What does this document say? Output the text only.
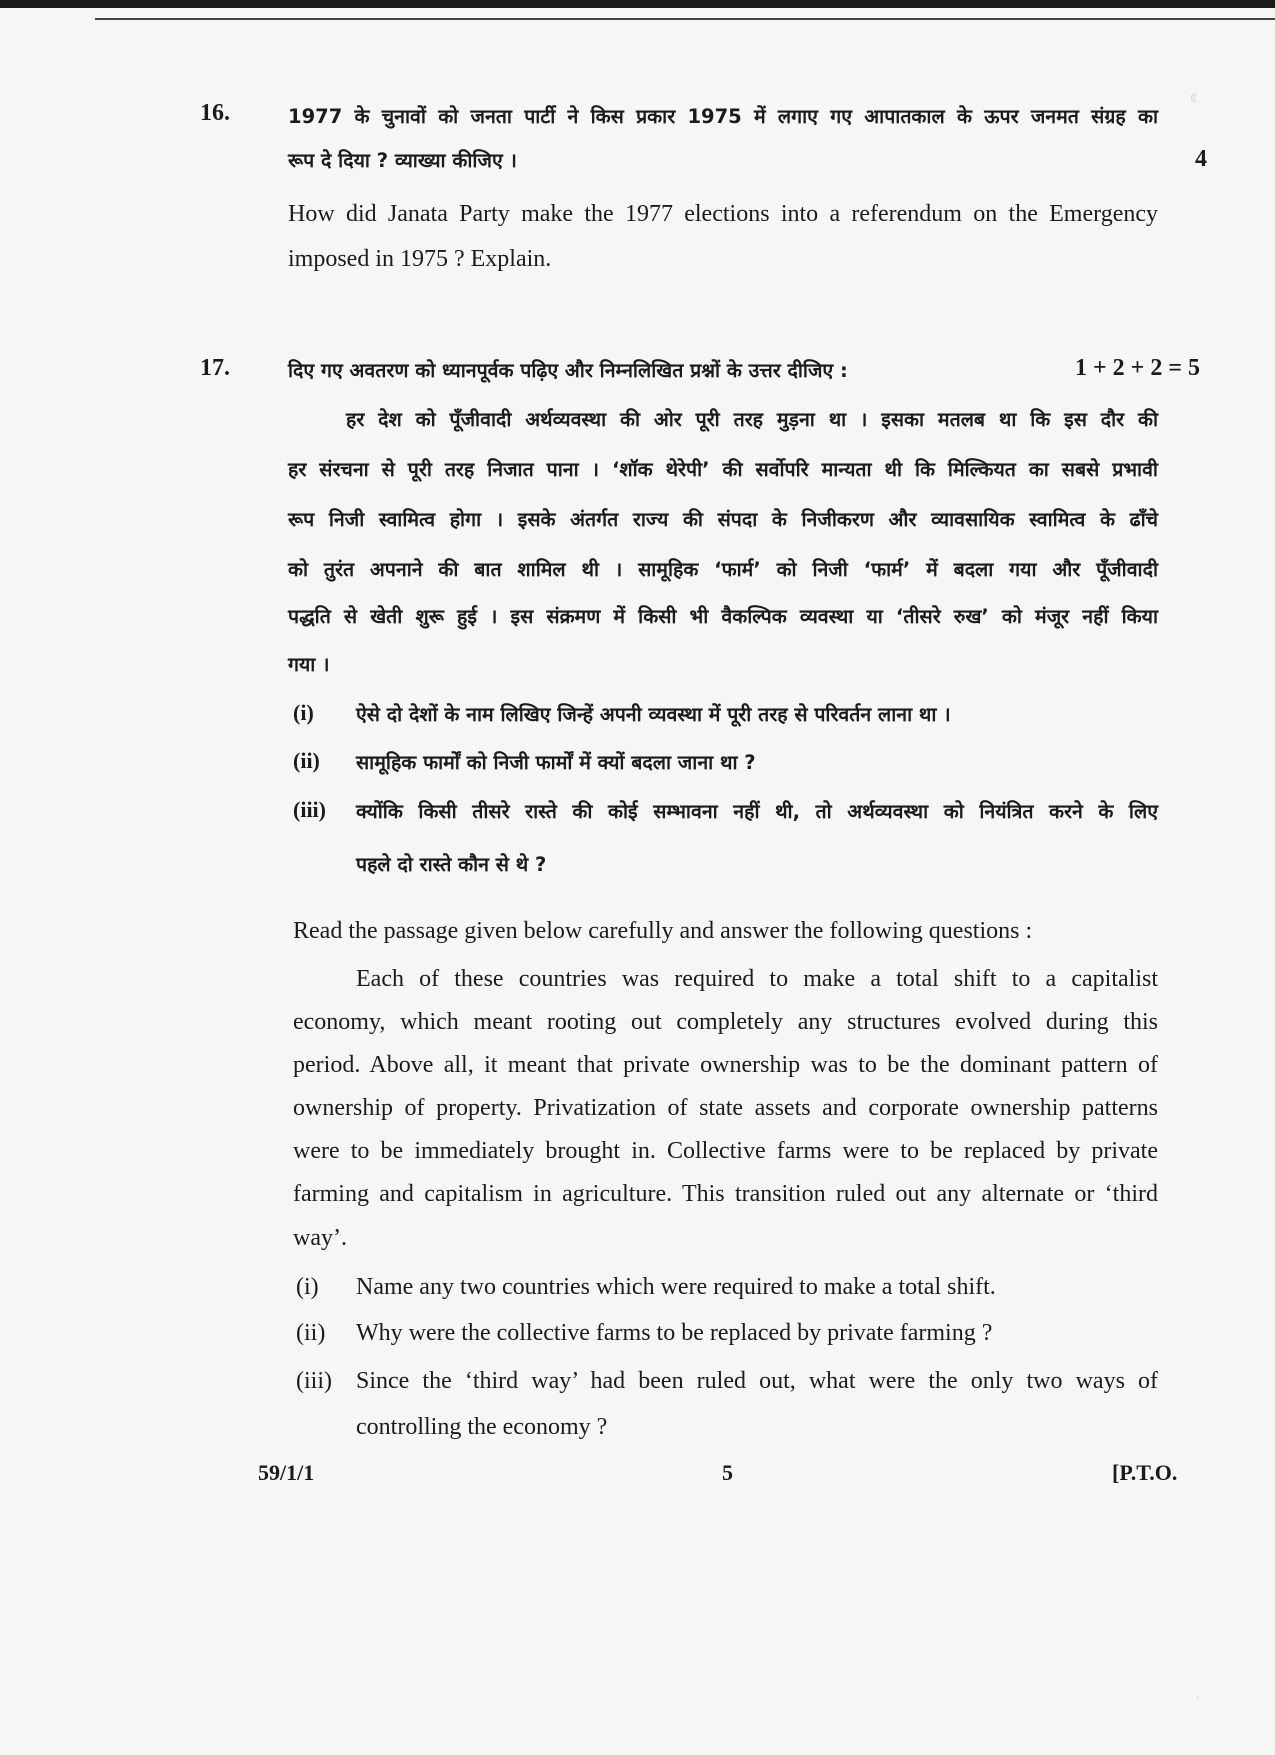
¢
·
16.	1977 के चुनावों को जनता पार्टी ने किस प्रकार 1975 में लगाए गए आपातकाल के ऊपर जनमत संग्रह का
रूप दे दिया ? व्याख्या कीजिए ।	4
How did Janata Party make the 1977 elections into a referendum on the Emergency
imposed in 1975 ? Explain.
17.	दिए गए अवतरण को ध्यानपूर्वक पढ़िए और निम्नलिखित प्रश्नों के उत्तर दीजिए :	1 + 2 + 2 = 5
हर देश को पूँजीवादी अर्थव्यवस्था की ओर पूरी तरह मुड़ना था । इसका मतलब था कि इस दौर की
हर संरचना से पूरी तरह निजात पाना । ‘शॉक थेरेपी’ की सर्वोपरि मान्यता थी कि मिल्कियत का सबसे प्रभावी
रूप निजी स्वामित्व होगा । इसके अंतर्गत राज्य की संपदा के निजीकरण और व्यावसायिक स्वामित्व के ढाँचे
को तुरंत अपनाने की बात शामिल थी । सामूहिक ‘फार्म’ को निजी ‘फार्म’ में बदला गया और पूँजीवादी
पद्धति से खेती शुरू हुई । इस संक्रमण में किसी भी वैकल्पिक व्यवस्था या ‘तीसरे रुख’ को मंजूर नहीं किया
गया ।
(i) ऐसे दो देशों के नाम लिखिए जिन्हें अपनी व्यवस्था में पूरी तरह से परिवर्तन लाना था ।
(ii) सामूहिक फार्मों को निजी फार्मों में क्यों बदला जाना था ?
(iii) क्योंकि किसी तीसरे रास्ते की कोई सम्भावना नहीं थी, तो अर्थव्यवस्था को नियंत्रित करने के लिए
पहले दो रास्ते कौन से थे ?
Read the passage given below carefully and answer the following questions :
Each of these countries was required to make a total shift to a capitalist
economy, which meant rooting out completely any structures evolved during this
period. Above all, it meant that private ownership was to be the dominant pattern of
ownership of property. Privatization of state assets and corporate ownership patterns
were to be immediately brought in. Collective farms were to be replaced by private
farming and capitalism in agriculture. This transition ruled out any alternate or ‘third
way’.
(i) Name any two countries which were required to make a total shift.
(ii) Why were the collective farms to be replaced by private farming ?
(iii) Since the ‘third way’ had been ruled out, what were the only two ways of
controlling the economy ?
59/1/1	5	[P.T.O.
